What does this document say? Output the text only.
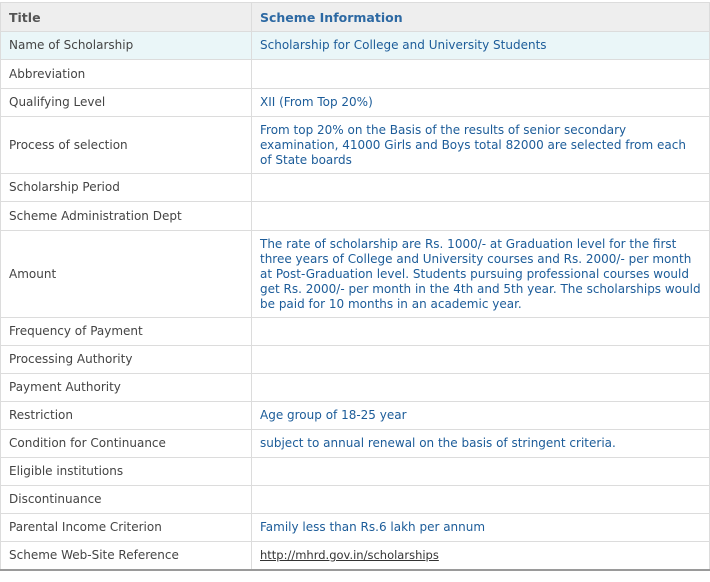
Title	Scheme Information
Name of Scholarship	Scholarship for College and University Students
Abbreviation	
Qualifying Level	XII (From Top 20%)
Process of selection	From top 20% on the Basis of the results of senior secondary examination, 41000 Girls and Boys total 82000 are selected from each of State boards
Scholarship Period	
Scheme Administration Dept	
Amount	The rate of scholarship are Rs. 1000/- at Graduation level for the first three years of College and University courses and Rs. 2000/- per month at Post-Graduation level. Students pursuing professional courses would get Rs. 2000/- per month in the 4th and 5th year. The scholarships would be paid for 10 months in an academic year.
Frequency of Payment	
Processing Authority	
Payment Authority	
Restriction	Age group of 18-25 year
Condition for Continuance	subject to annual renewal on the basis of stringent criteria.
Eligible institutions	
Discontinuance	
Parental Income Criterion	Family less than Rs.6 lakh per annum
Scheme Web-Site Reference	http://mhrd.gov.in/scholarships
